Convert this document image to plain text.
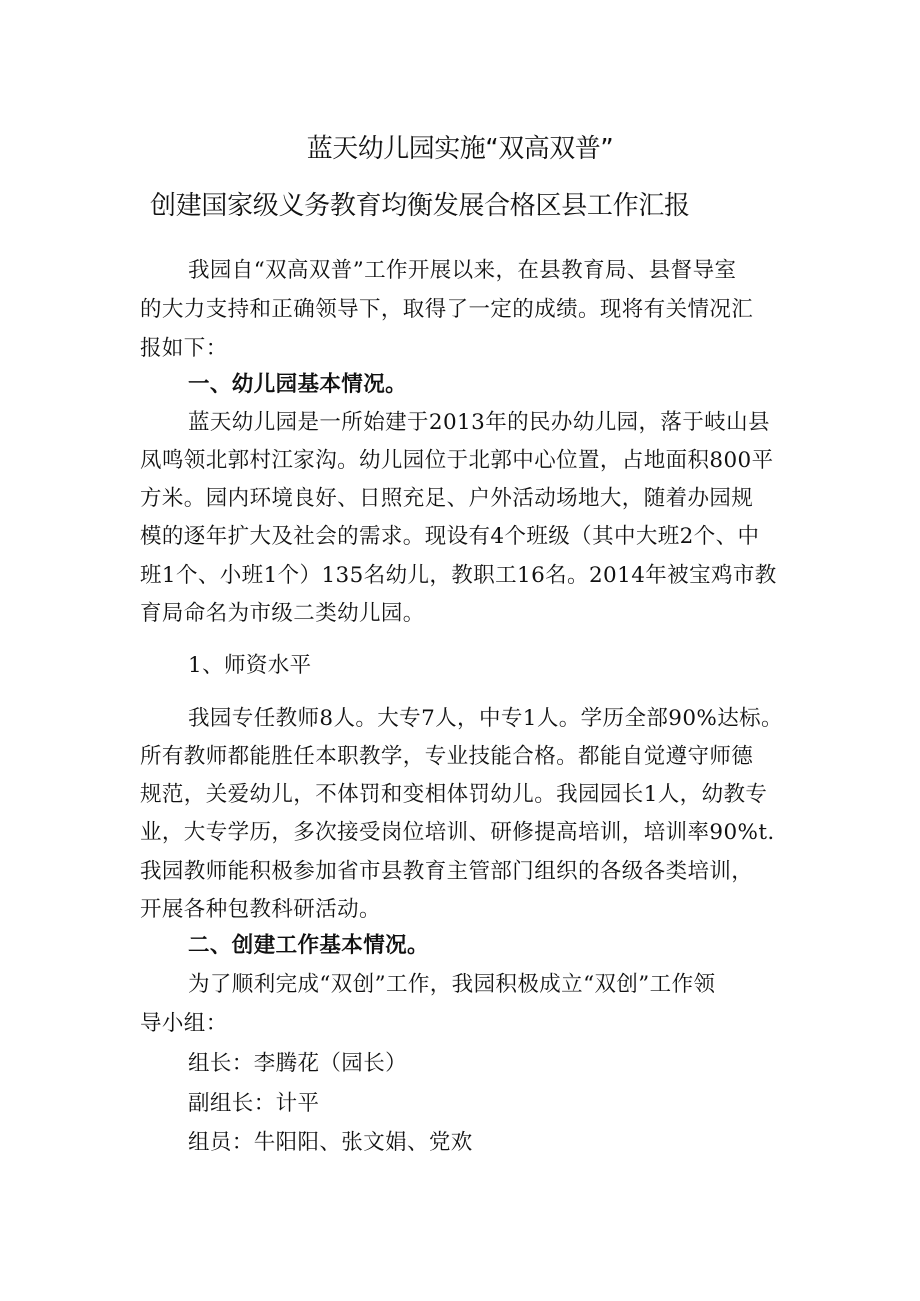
蓝天幼儿园实施“双高双普”
创建国家级义务教育均衡发展合格区县工作汇报
我园自“双高双普”工作开展以来，在县教育局、县督导室
的大力支持和正确领导下，取得了一定的成绩。现将有关情况汇
报如下：
一、幼儿园基本情况。
蓝天幼儿园是一所始建于2013年的民办幼儿园，落于岐山县
凤鸣领北郭村江家沟。幼儿园位于北郭中心位置，占地面积800平
方米。园内环境良好、日照充足、户外活动场地大，随着办园规
模的逐年扩大及社会的需求。现设有4个班级（其中大班2个、中
班1个、小班1个）135名幼儿，教职工16名。2014年被宝鸡市教
育局命名为市级二类幼儿园。
1、师资水平
我园专任教师8人。大专7人，中专1人。学历全部90%达标。
所有教师都能胜任本职教学，专业技能合格。都能自觉遵守师德
规范，关爱幼儿，不体罚和变相体罚幼儿。我园园长1人，幼教专
业，大专学历，多次接受岗位培训、研修提高培训，培训率90%t.
我园教师能积极参加省市县教育主管部门组织的各级各类培训，
开展各种包教科研活动。
二、创建工作基本情况。
为了顺利完成“双创”工作，我园积极成立“双创”工作领
导小组：
组长：李腾花（园长）
副组长：计平
组员：牛阳阳、张文娟、党欢
